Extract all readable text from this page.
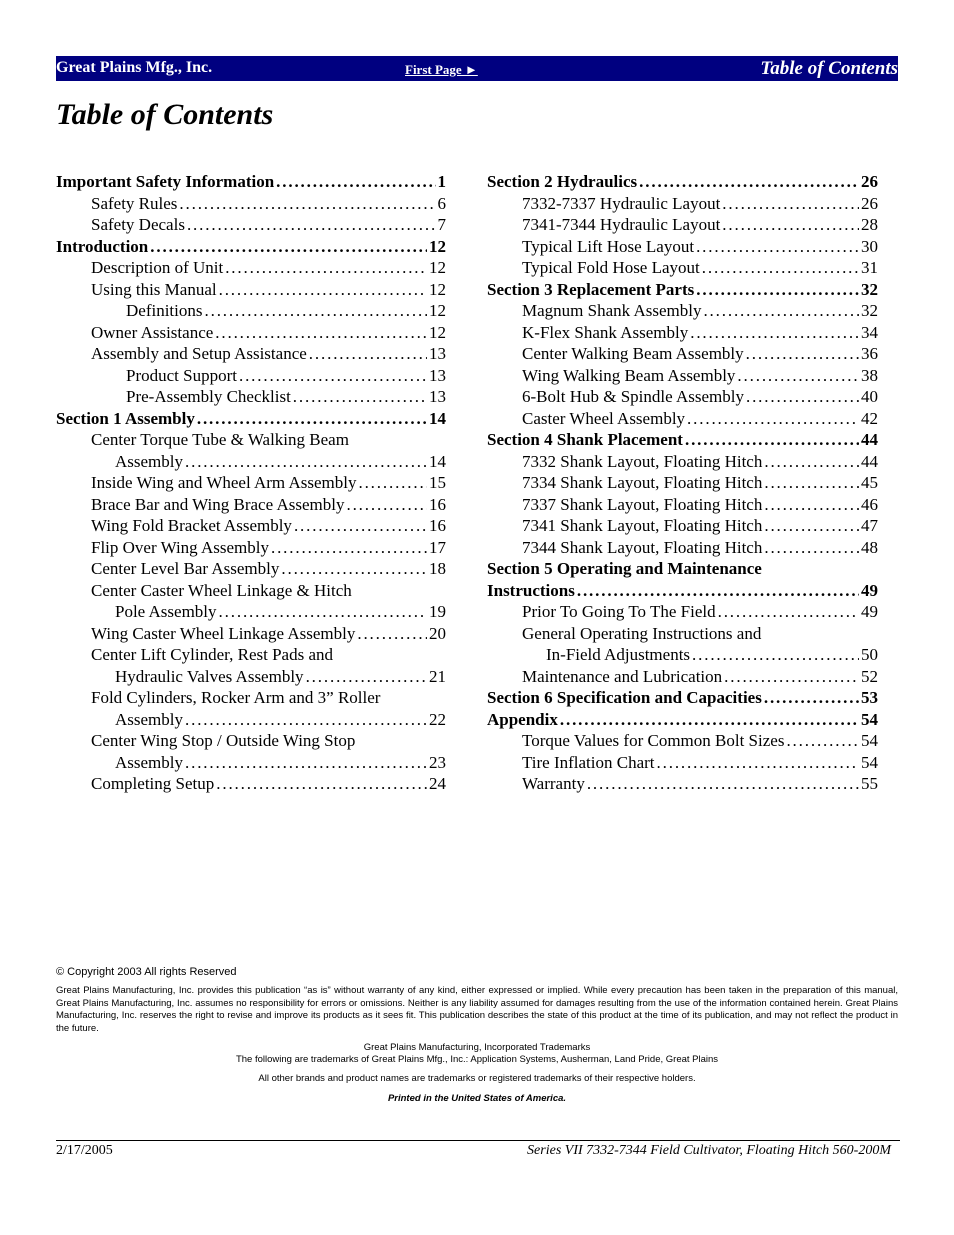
Great Plains Mfg., Inc.	First Page ►	Table of Contents
Table of Contents
Important Safety Information . . .	1
Safety Rules . . .	6
Safety Decals . . .	7
Introduction . . .	12
Description of Unit . . .	12
Using this Manual . . .	12
Definitions . . .	12
Owner Assistance . . .	12
Assembly and Setup Assistance . . .	13
Product Support . . .	13
Pre-Assembly Checklist . . .	13
Section 1 Assembly . . .	14
Center Torque Tube & Walking Beam
Assembly . . .	14
Inside Wing and Wheel Arm Assembly . . .	15
Brace Bar and Wing Brace Assembly . . .	16
Wing Fold Bracket Assembly . . .	16
Flip Over Wing Assembly . . .	17
Center Level Bar Assembly . . .	18
Center Caster Wheel Linkage & Hitch
Pole Assembly . . .	19
Wing Caster Wheel Linkage Assembly . . .	20
Center Lift Cylinder, Rest Pads and
Hydraulic Valves Assembly . . .	21
Fold Cylinders, Rocker Arm and 3” Roller
Assembly . . .	22
Center Wing Stop / Outside Wing Stop
Assembly . . .	23
Completing Setup . . .	24
Section 2 Hydraulics . . .	26
7332-7337 Hydraulic Layout . . .	26
7341-7344 Hydraulic Layout . . .	28
Typical Lift Hose Layout . . .	30
Typical Fold Hose Layout . . .	31
Section 3 Replacement Parts . . .	32
Magnum Shank Assembly . . .	32
K-Flex Shank Assembly . . .	34
Center Walking Beam Assembly . . .	36
Wing Walking Beam Assembly . . .	38
6-Bolt Hub & Spindle Assembly . . .	40
Caster Wheel Assembly . . .	42
Section 4 Shank Placement . . .	44
7332 Shank Layout, Floating Hitch . . .	44
7334 Shank Layout, Floating Hitch . . .	45
7337 Shank Layout, Floating Hitch . . .	46
7341 Shank Layout, Floating Hitch . . .	47
7344 Shank Layout, Floating Hitch . . .	48
Section 5 Operating and Maintenance
Instructions . . .	49
Prior To Going To The Field . . .	49
General Operating Instructions and
In-Field Adjustments . . .	50
Maintenance and Lubrication . . .	52
Section 6 Specification and Capacities . . .	53
Appendix . . .	54
Torque Values for Common Bolt Sizes . . .	54
Tire Inflation Chart . . .	54
Warranty . . .	55

© Copyright 2003 All rights Reserved

Great Plains Manufacturing, Inc. provides this publication “as is” without warranty of any kind, either expressed or implied. While every precaution has been taken in the preparation of this manual, Great Plains Manufacturing, Inc. assumes no responsibility for errors or omissions. Neither is any liability assumed for damages resulting from the use of the information contained herein. Great Plains Manufacturing, Inc. reserves the right to revise and improve its products as it sees fit. This publication describes the state of this product at the time of its publication, and may not reflect the product in the future.

Great Plains Manufacturing, Incorporated Trademarks

The following are trademarks of Great Plains Mfg., Inc.: Application Systems, Ausherman, Land Pride, Great Plains

All other brands and product names are trademarks or registered trademarks of their respective holders.

Printed in the United States of America.

2/17/2005	Series VII 7332-7344 Field Cultivator, Floating Hitch 560-200M
